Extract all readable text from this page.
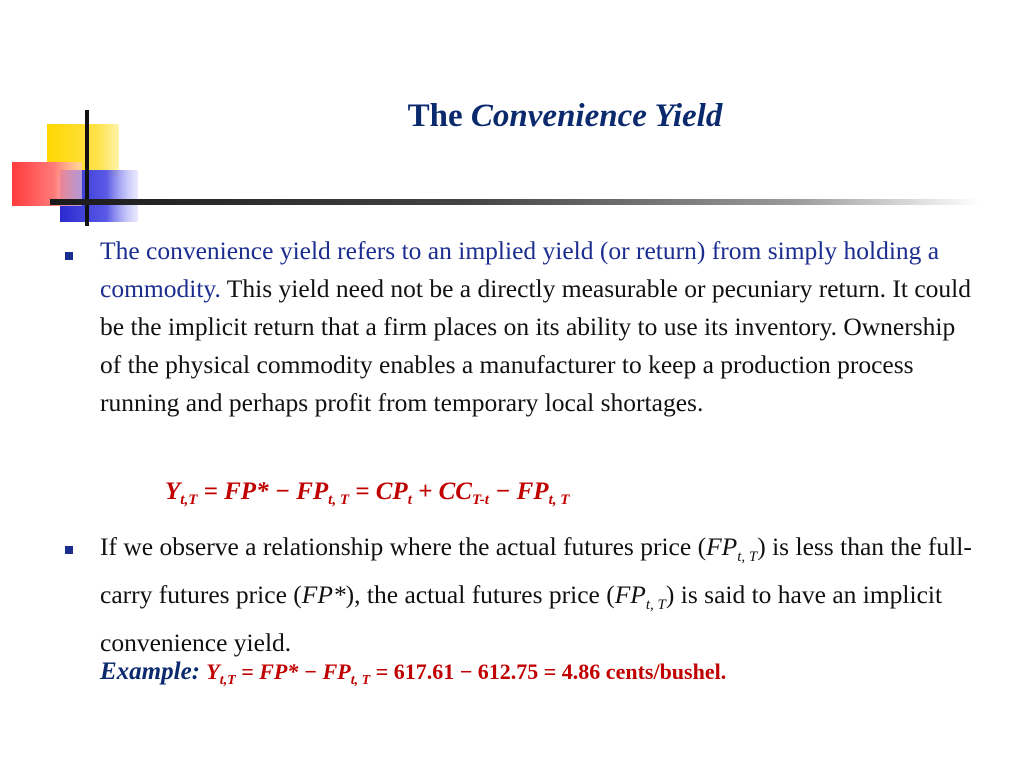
The Convenience Yield
The convenience yield refers to an implied yield (or return) from simply holding a commodity. This yield need not be a directly measurable or pecuniary return. It could be the implicit return that a firm places on its ability to use its inventory. Ownership of the physical commodity enables a manufacturer to keep a production process running and perhaps profit from temporary local shortages.
$Y_{t,T} = FP* - FP_{t, T} = CP_t + CC_{T-t} - FP_{t, T}$
If we observe a relationship where the actual futures price $(FP_{t, T})$ is less than the full-carry futures price (FP*), the actual futures price $(FP_{t, T})$ is said to have an implicit convenience yield.
Example: $Y_{t,T} = FP* - FP_{t, T} = 617.61 - 612.75 = 4.86$ cents/bushel.
